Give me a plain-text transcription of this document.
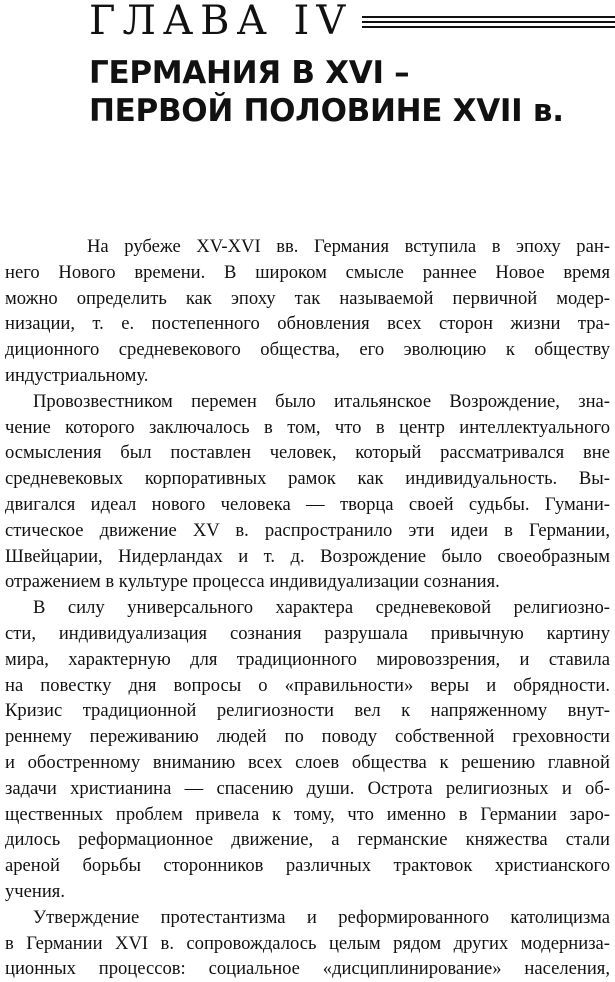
ГЛАВА IV
ГЕРМАНИЯ В XVI –
ПЕРВОЙ ПОЛОВИНЕ XVII в.
На рубеже XV-XVI вв. Германия вступила в эпоху ран-
него Нового времени. В широком смысле раннее Новое время
можно определить как эпоху так называемой первичной модер-
низации, т. е. постепенного обновления всех сторон жизни тра-
диционного средневекового общества, его эволюцию к обществу
индустриальному.
Провозвестником перемен было итальянское Возрождение, зна-
чение которого заключалось в том, что в центр интеллектуального
осмысления был поставлен человек, который рассматривался вне
средневековых корпоративных рамок как индивидуальность. Вы-
двигался идеал нового человека — творца своей судьбы. Гумани-
стическое движение XV в. распространило эти идеи в Германии,
Швейцарии, Нидерландах и т. д. Возрождение было своеобразным
отражением в культуре процесса индивидуализации сознания.
В силу универсального характера средневековой религиозно-
сти, индивидуализация сознания разрушала привычную картину
мира, характерную для традиционного мировоззрения, и ставила
на повестку дня вопросы о «правильности» веры и обрядности.
Кризис традиционной религиозности вел к напряженному внут-
реннему переживанию людей по поводу собственной греховности
и обостренному вниманию всех слоев общества к решению главной
задачи христианина — спасению души. Острота религиозных и об-
щественных проблем привела к тому, что именно в Германии заро-
дилось реформационное движение, а германские княжества стали
ареной борьбы сторонников различных трактовок христианского
учения.
Утверждение протестантизма и реформированного католицизма
в Германии XVI в. сопровождалось целым рядом других модерниза-
ционных процессов: социальное «дисциплинирование» населения,
